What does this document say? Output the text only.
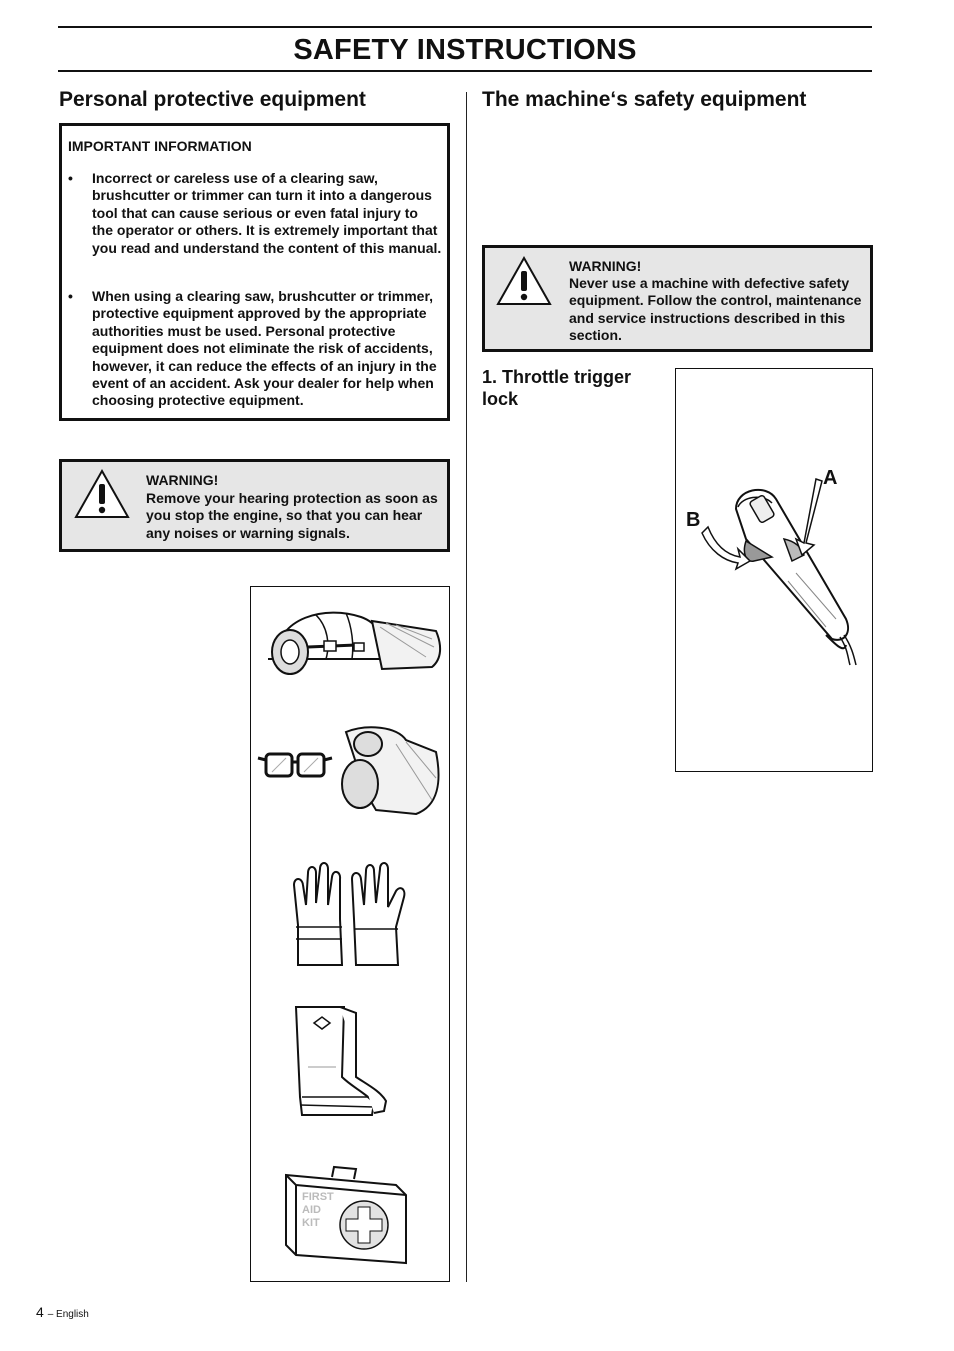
SAFETY INSTRUCTIONS
Personal protective equipment
IMPORTANT INFORMATION
• Incorrect or careless use of a clearing saw, brushcutter or trimmer can turn it into a dangerous tool that can cause serious or even fatal injury to the operator or others. It is extremely important that you read and understand the content of this manual.
• When using a clearing saw, brushcutter or trimmer, protective equipment approved by the appropriate authorities must be used. Personal protective equipment does not eliminate the risk of accidents, however, it can reduce the effects of an injury in the event of an accident. Ask your dealer for help when choosing protective equipment.
WARNING!
Remove your hearing protection as soon as you stop the engine, so that you can hear any noises or warning signals.
FIRST
AID
KIT
The machine‘s safety equipment
WARNING!
Never use a machine with defective safety equipment. Follow the control, maintenance and service instructions described in this section.
1. Throttle trigger lock
A
B
4 – English
